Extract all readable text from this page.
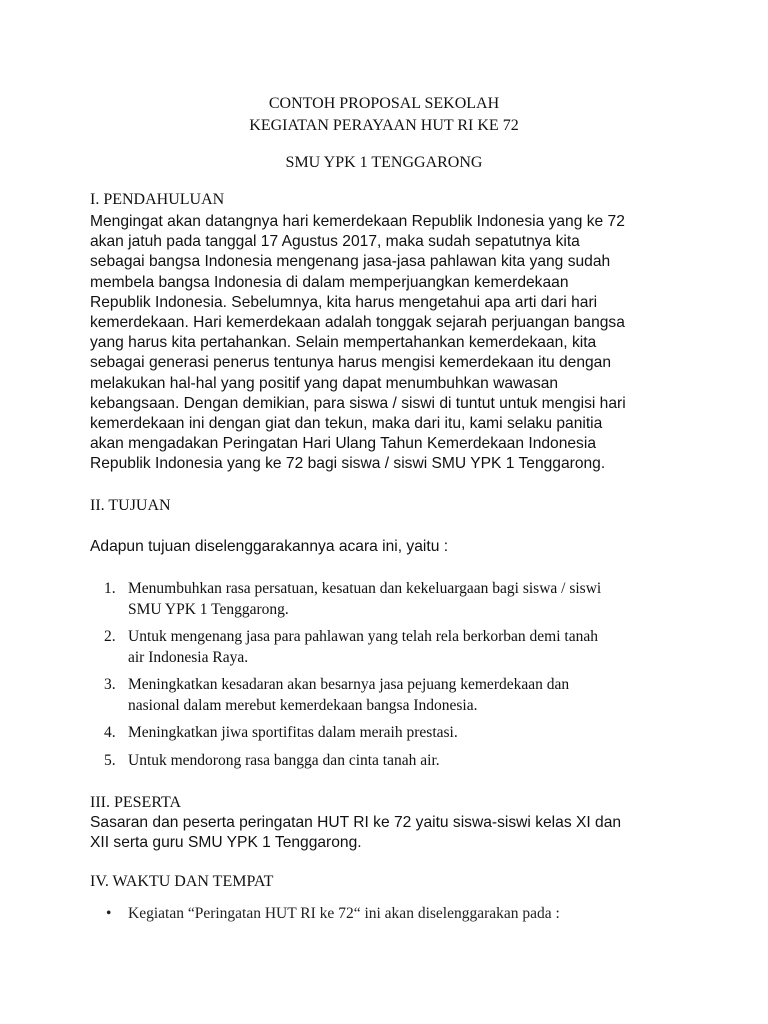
CONTOH PROPOSAL SEKOLAH
KEGIATAN PERAYAAN HUT RI KE 72
SMU YPK 1 TENGGARONG
I. PENDAHULUAN
Mengingat akan datangnya hari kemerdekaan Republik Indonesia yang ke 72
akan jatuh pada tanggal 17 Agustus 2017, maka sudah sepatutnya kita
sebagai bangsa Indonesia mengenang jasa-jasa pahlawan kita yang sudah
membela bangsa Indonesia di dalam memperjuangkan kemerdekaan
Republik Indonesia. Sebelumnya, kita harus mengetahui apa arti dari hari
kemerdekaan. Hari kemerdekaan adalah tonggak sejarah perjuangan bangsa
yang harus kita pertahankan. Selain mempertahankan kemerdekaan, kita
sebagai generasi penerus tentunya harus mengisi kemerdekaan itu dengan
melakukan hal-hal yang positif yang dapat menumbuhkan wawasan
kebangsaan. Dengan demikian, para siswa / siswi di tuntut untuk mengisi hari
kemerdekaan ini dengan giat dan tekun, maka dari itu, kami selaku panitia
akan mengadakan Peringatan Hari Ulang Tahun Kemerdekaan Indonesia
Republik Indonesia yang ke 72 bagi siswa / siswi SMU YPK 1 Tenggarong.
II. TUJUAN
Adapun tujuan diselenggarakannya acara ini, yaitu :
1. Menumbuhkan rasa persatuan, kesatuan dan kekeluargaan bagi siswa / siswi
SMU YPK 1 Tenggarong.
2. Untuk mengenang jasa para pahlawan yang telah rela berkorban demi tanah
air Indonesia Raya.
3. Meningkatkan kesadaran akan besarnya jasa pejuang kemerdekaan dan
nasional dalam merebut kemerdekaan bangsa Indonesia.
4. Meningkatkan jiwa sportifitas dalam meraih prestasi.
5. Untuk mendorong rasa bangga dan cinta tanah air.
III. PESERTA
Sasaran dan peserta peringatan HUT RI ke 72 yaitu siswa-siswi kelas XI dan
XII serta guru SMU YPK 1 Tenggarong.
IV. WAKTU DAN TEMPAT
• Kegiatan “Peringatan HUT RI ke 72“ ini akan diselenggarakan pada :
